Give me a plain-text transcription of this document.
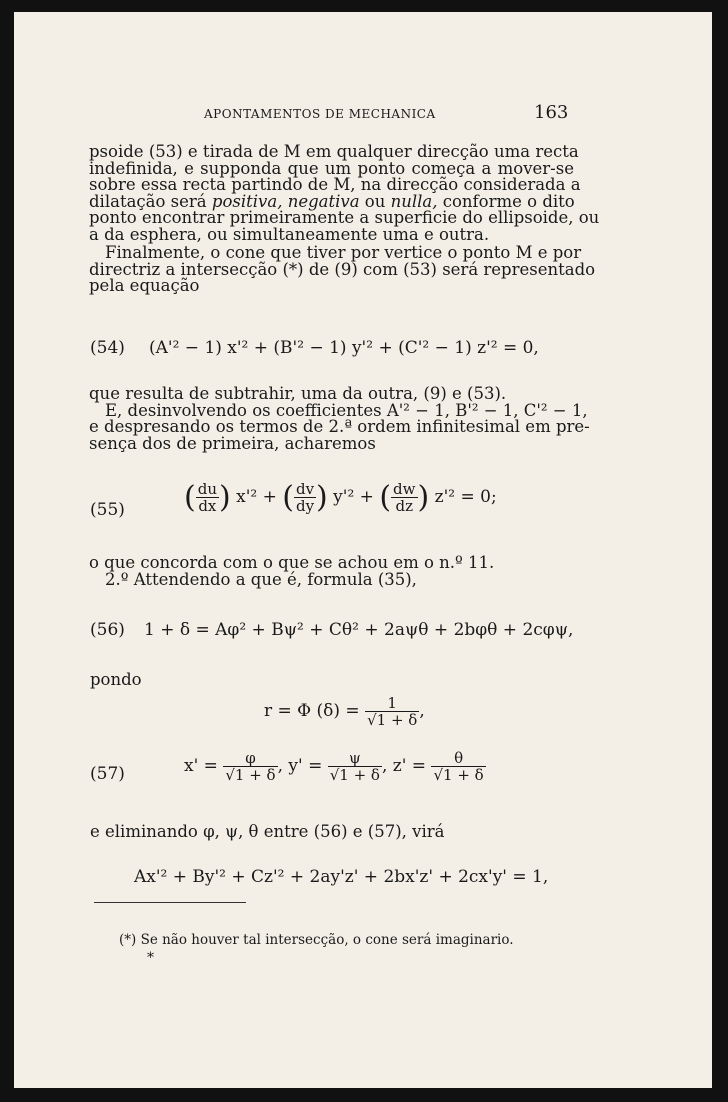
APONTAMENTOS DE MECHANICA	163
psoide (53) e tirada de M em qualquer direcção uma recta
indefinida, e supponda que um ponto começa a mover-se
sobre essa recta partindo de M, na direcção considerada a
dilatação será positiva, negativa ou nulla, conforme o dito
ponto encontrar primeiramente a superficie do ellipsoide, ou
a da esphera, ou simultaneamente uma e outra.
Finalmente, o cone que tiver por vertice o ponto M e por
directriz a intersecção (*) de (9) com (53) será representado
pela equação
(54) (A'² − 1) x'² + (B'² − 1) y'² + (C'² − 1) z'² = 0,
que resulta de subtrahir, uma da outra, (9) e (53).
E, desinvolvendo os coefficientes A'² − 1, B'² − 1, C'² − 1,
e despresando os termos de 2.ª ordem infinitesimal em pre-
sença dos de primeira, acharemos
(55) ( $\frac{du}{dx}$ ) x'² + ( $\frac{dv}{dy}$ ) y'² + ( $\frac{dw}{dz}$ ) z'² = 0;
o que concorda com o que se achou em o n.º 11.
2.º Attendendo a que é, formula (35),
(56) 1 + δ = Aφ² + Bψ² + Cθ² + 2aψθ + 2bφθ + 2cφψ,
pondo
r = Φ $(\delta) = \frac{1}{√1 + \delta}$ ,
(57)	$x' = \frac{\varphi}{√1 + \delta}$ , $y' = \frac{\psi}{√1 + \delta}$ , $z' = \frac{\theta}{√1 + \delta}$
e eliminando φ, ψ, θ entre (56) e (57), virá
Ax'² + By'² + Cz'² + 2ay'z' + 2bx'z' + 2cx'y' = 1,
(*) Se não houver tal intersecção, o cone será imaginario.
*
